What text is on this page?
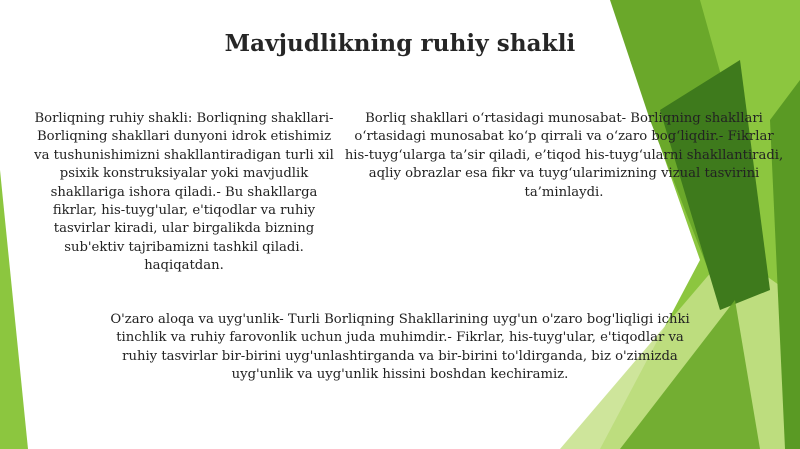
Mavjudlikning ruhiy shakli
Borliqning ruhiy shakli: Borliqning shakllari- Borliqning shakllari dunyoni idrok etishimiz va tushunishimizni shakllantiradigan turli xil psixik konstruksiyalar yoki mavjudlik shakllariga ishora qiladi.- Bu shakllarga fikrlar, his-tuyg'ular, e'tiqodlar va ruhiy tasvirlar kiradi, ular birgalikda bizning sub'ektiv tajribamizni tashkil qiladi. haqiqatdan.
Borliq shakllari o‘rtasidagi munosabat- Borliqning shakllari o‘rtasidagi munosabat ko‘p qirrali va o‘zaro bog‘liqdir.- Fikrlar his-tuyg‘ularga ta’sir qiladi, e’tiqod his-tuyg‘ularni shakllantiradi, aqliy obrazlar esa fikr va tuyg‘ularimizning vizual tasvirini ta’minlaydi.
O'zaro aloqa va uyg'unlik- Turli Borliqning Shakllarining uyg'un o'zaro bog'liqligi ichki tinchlik va ruhiy farovonlik uchun juda muhimdir.- Fikrlar, his-tuyg'ular, e'tiqodlar va ruhiy tasvirlar bir-birini uyg'unlashtirganda va bir-birini to'ldirganda, biz o'zimizda uyg'unlik va uyg'unlik hissini boshdan kechiramiz.
